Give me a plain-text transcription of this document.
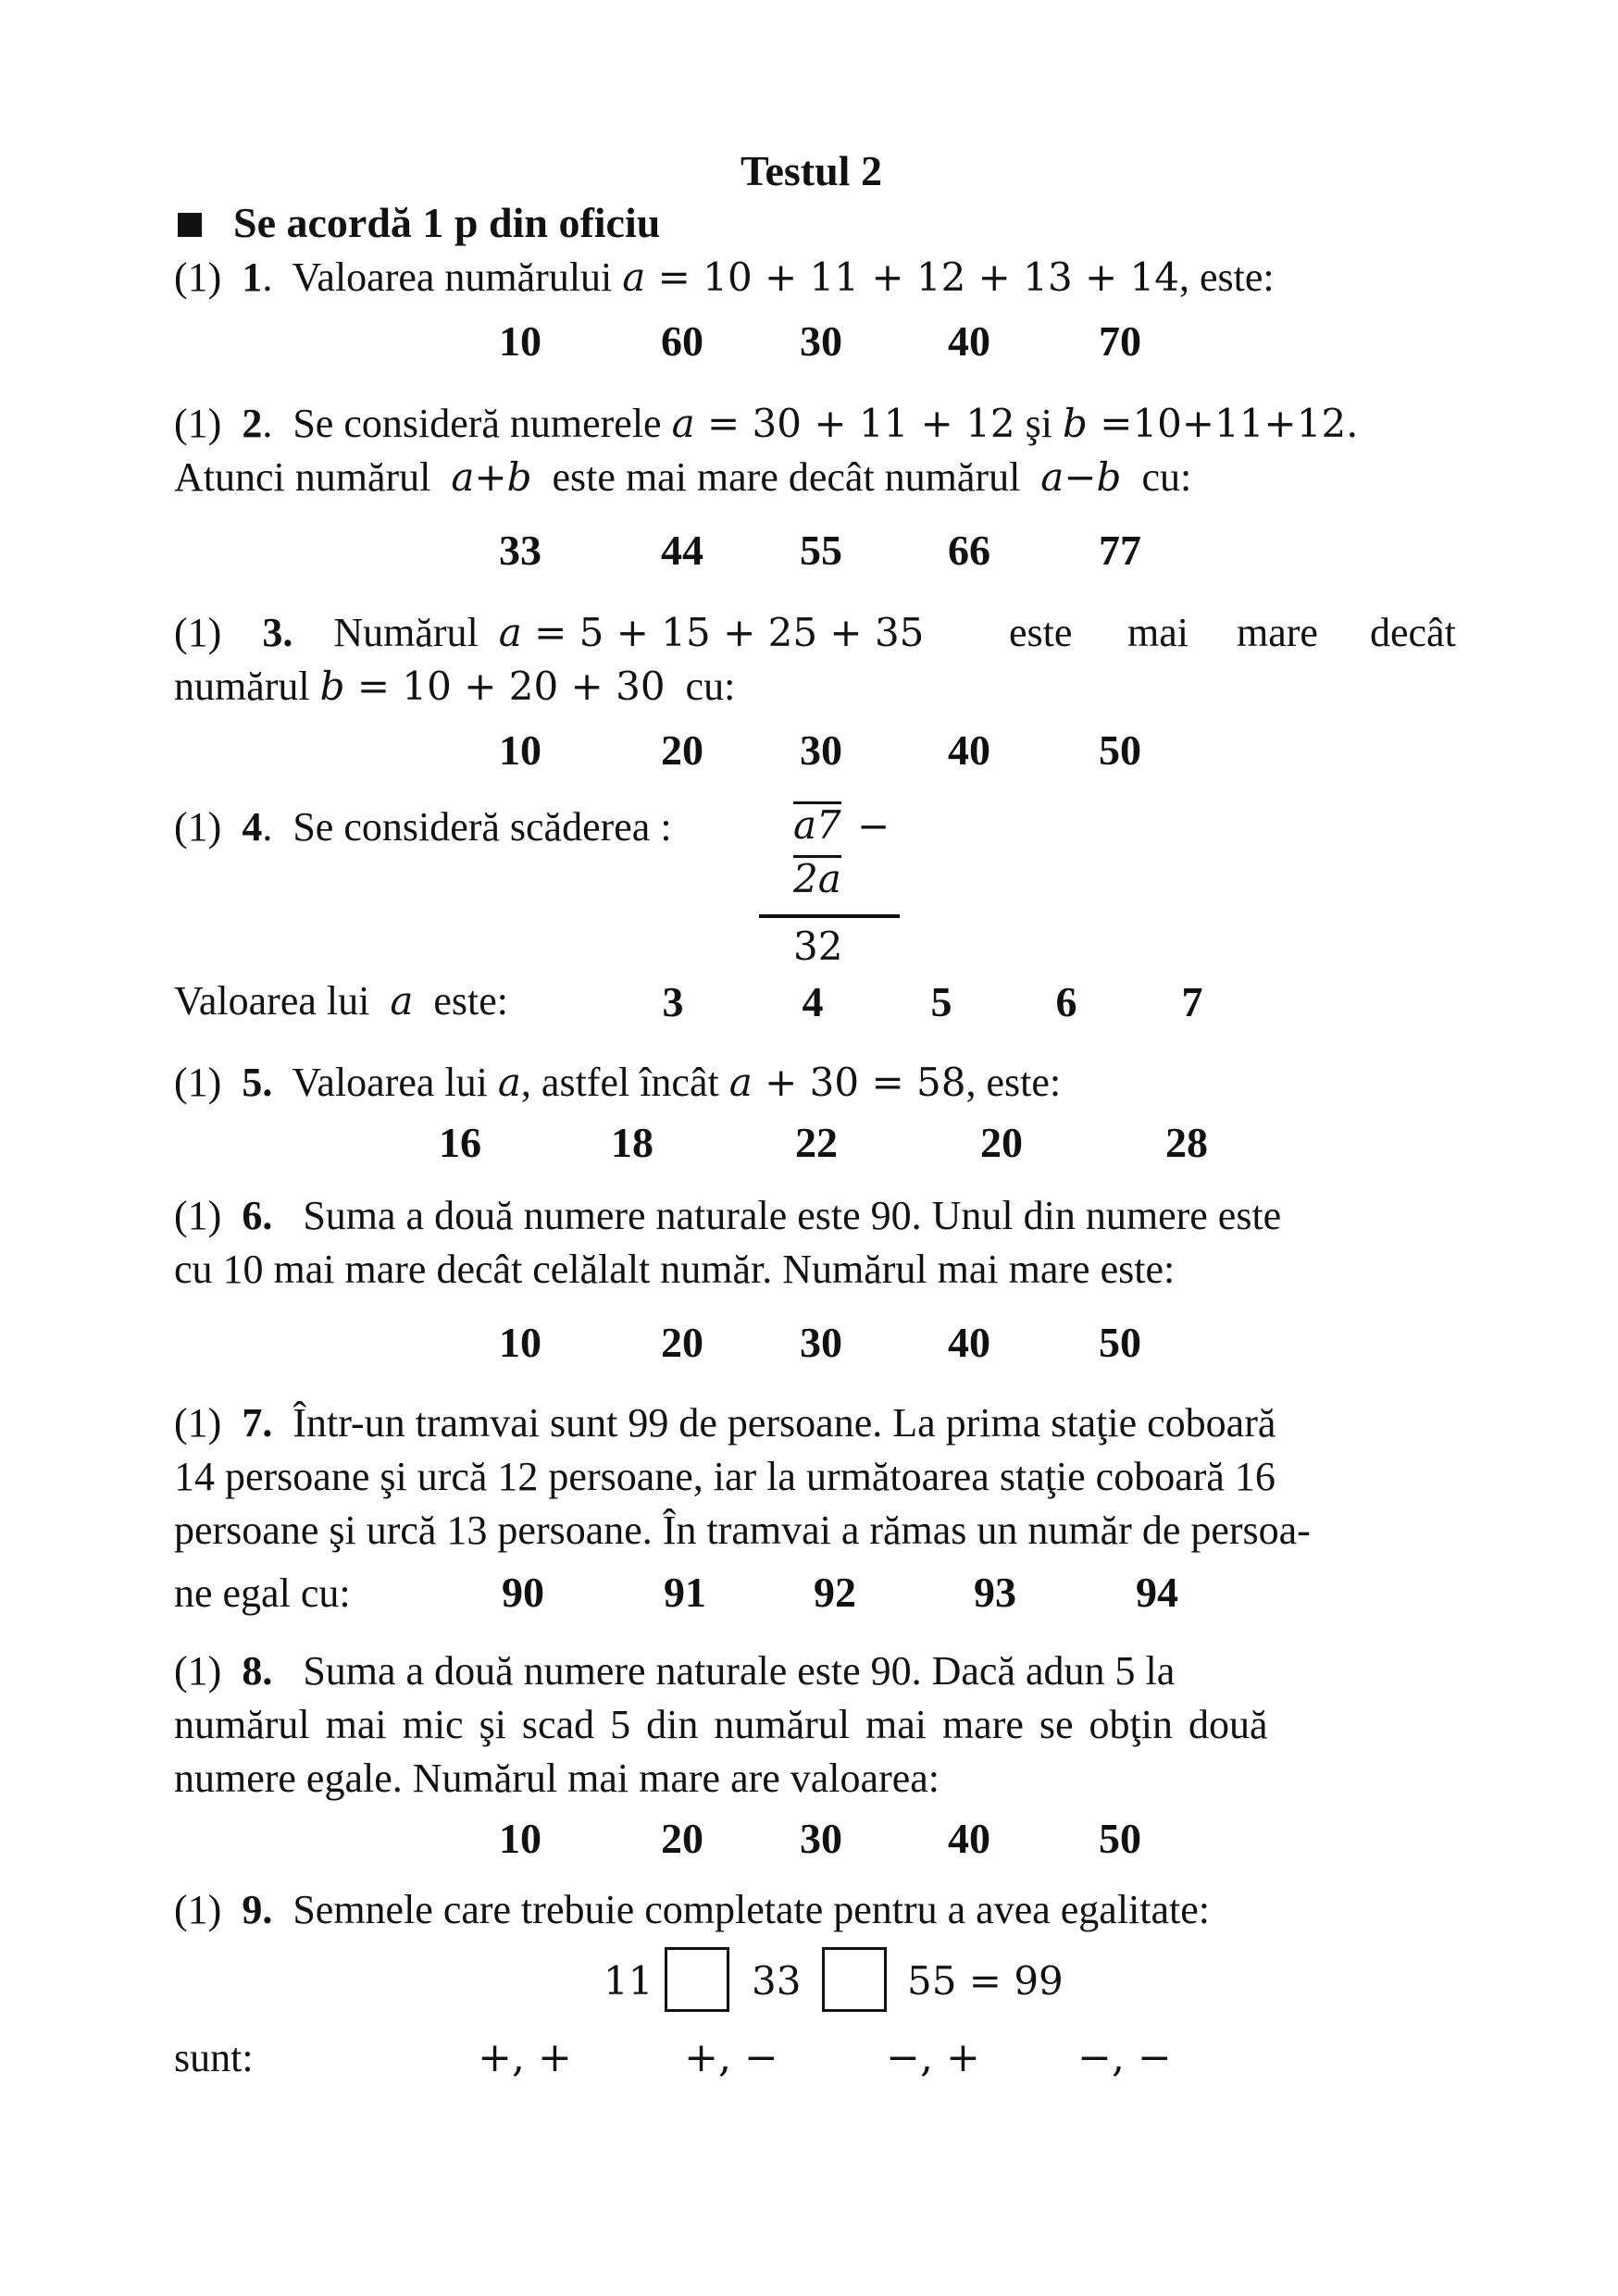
Testul 2
Se acordă 1 p din oficiu
(1) 1.  Valoarea numărului a = 10 + 11 + 12 + 13 + 14, este:
10	60 30 40	70
(1) 2.  Se consideră numerele a = 30 + 11 + 12 şi b =10+11+12.
Atunci numărul a+b este mai mare decât numărul a−b cu:
33	44 55 66	77
(1) 3. Numărul a = 5 + 15 + 25 + 35 este mai mare decât
numărul b = 10 + 20 + 30 cu:
10	20 30 40	50
(1) 4.  Se consideră scăderea :	a7 −
2a
32
Valoarea lui a este:	3	4	5 6 7
(1) 5. Valoarea lui a, astfel încât a + 30 = 58, este:
16	18	22	20	28
(1) 6. Suma a două numere naturale este 90. Unul din numere este
cu 10 mai mare decât celălalt număr. Numărul mai mare este:
10	20 30 40	50
(1) 7. Într-un tramvai sunt 99 de persoane. La prima staţie coboară
14 persoane şi urcă 12 persoane, iar la următoarea staţie coboară 16
persoane şi urcă 13 persoane. În tramvai a rămas un număr de persoa-
ne egal cu:	90	91	92	93	94
(1) 8. Suma a două numere naturale este 90. Dacă adun 5 la
numărul mai mic şi scad 5 din numărul mai mare se obţin două
numere egale. Numărul mai mare are valoarea:
10	20 30 40	50
(1) 9. Semnele care trebuie completate pentru a avea egalitate:
11	33	55 = 99
sunt:	+, +	+, −	−, + −, −
